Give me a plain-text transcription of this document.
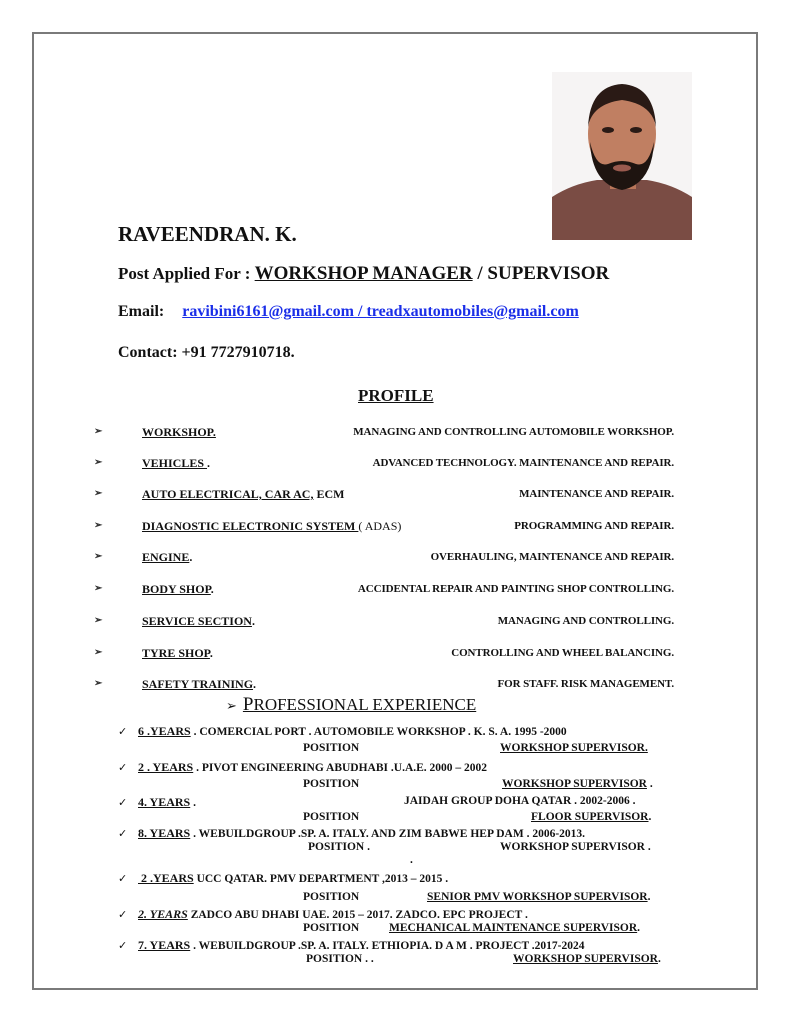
RAVEENDRAN. K.
Post Applied For : WORKSHOP MANAGER / SUPERVISOR
Email: ravibini6161@gmail.com / treadxautomobiles@gmail.com
Contact: +91 7727910718.
PROFILE
➢	WORKSHOP.	MANAGING AND CONTROLLING AUTOMOBILE WORKSHOP.
➢	VEHICLES .	ADVANCED TECHNOLOGY. MAINTENANCE AND REPAIR.
➢	AUTO ELECTRICAL, CAR AC, ECM	MAINTENANCE AND REPAIR.
➢	DIAGNOSTIC ELECTRONIC SYSTEM ( ADAS)	PROGRAMMING AND REPAIR.
➢	ENGINE.	OVERHAULING, MAINTENANCE AND REPAIR.
➢	BODY SHOP.	ACCIDENTAL REPAIR AND PAINTING SHOP CONTROLLING.
➢	SERVICE SECTION.	MANAGING AND CONTROLLING.
➢	TYRE SHOP.	CONTROLLING AND WHEEL BALANCING.
➢	SAFETY TRAINING.	FOR STAFF. RISK MANAGEMENT.
➢ PROFESSIONAL EXPERIENCE
✓ 6 .YEARS . COMERCIAL PORT . AUTOMOBILE WORKSHOP . K. S. A. 1995 -2000
POSITION	WORKSHOP SUPERVISOR.
✓ 2 . YEARS . PIVOT ENGINEERING ABUDHABI .U.A.E. 2000 – 2002
POSITION	WORKSHOP SUPERVISOR .
✓ 4. YEARS .	JAIDAH GROUP DOHA QATAR . 2002-2006 .
POSITION	FLOOR SUPERVISOR.
✓ 8. YEARS . WEBUILDGROUP .SP. A. ITALY. AND ZIM BABWE HEP DAM . 2006-2013.
POSITION .	WORKSHOP SUPERVISOR .
.
✓ 2 .YEARS UCC QATAR. PMV DEPARTMENT ,2013 – 2015 .
POSITION	SENIOR PMV WORKSHOP SUPERVISOR.
✓ 2. YEARS ZADCO ABU DHABI UAE. 2015 – 2017. ZADCO. EPC PROJECT .
POSITION	MECHANICAL MAINTENANCE SUPERVISOR.
✓ 7. YEARS . WEBUILDGROUP .SP. A. ITALY. ETHIOPIA. D A M . PROJECT .2017-2024
POSITION . .	WORKSHOP SUPERVISOR.
